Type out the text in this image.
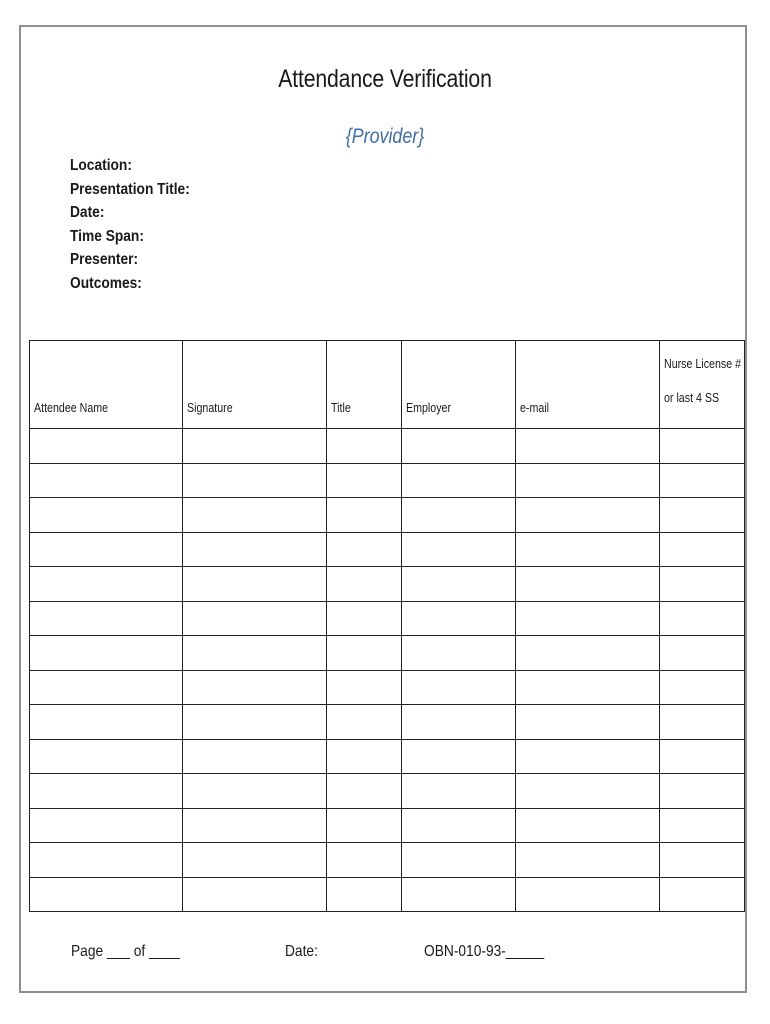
Attendance Verification
{Provider}
Location:
Presentation Title:
Date:
Time Span:
Presenter:
Outcomes:
Attendee Name	Signature	Title	Employer	e-mail	Nurse License #
or last 4 SS

Page ___ of ____	Date:	OBN-010-93-_____
